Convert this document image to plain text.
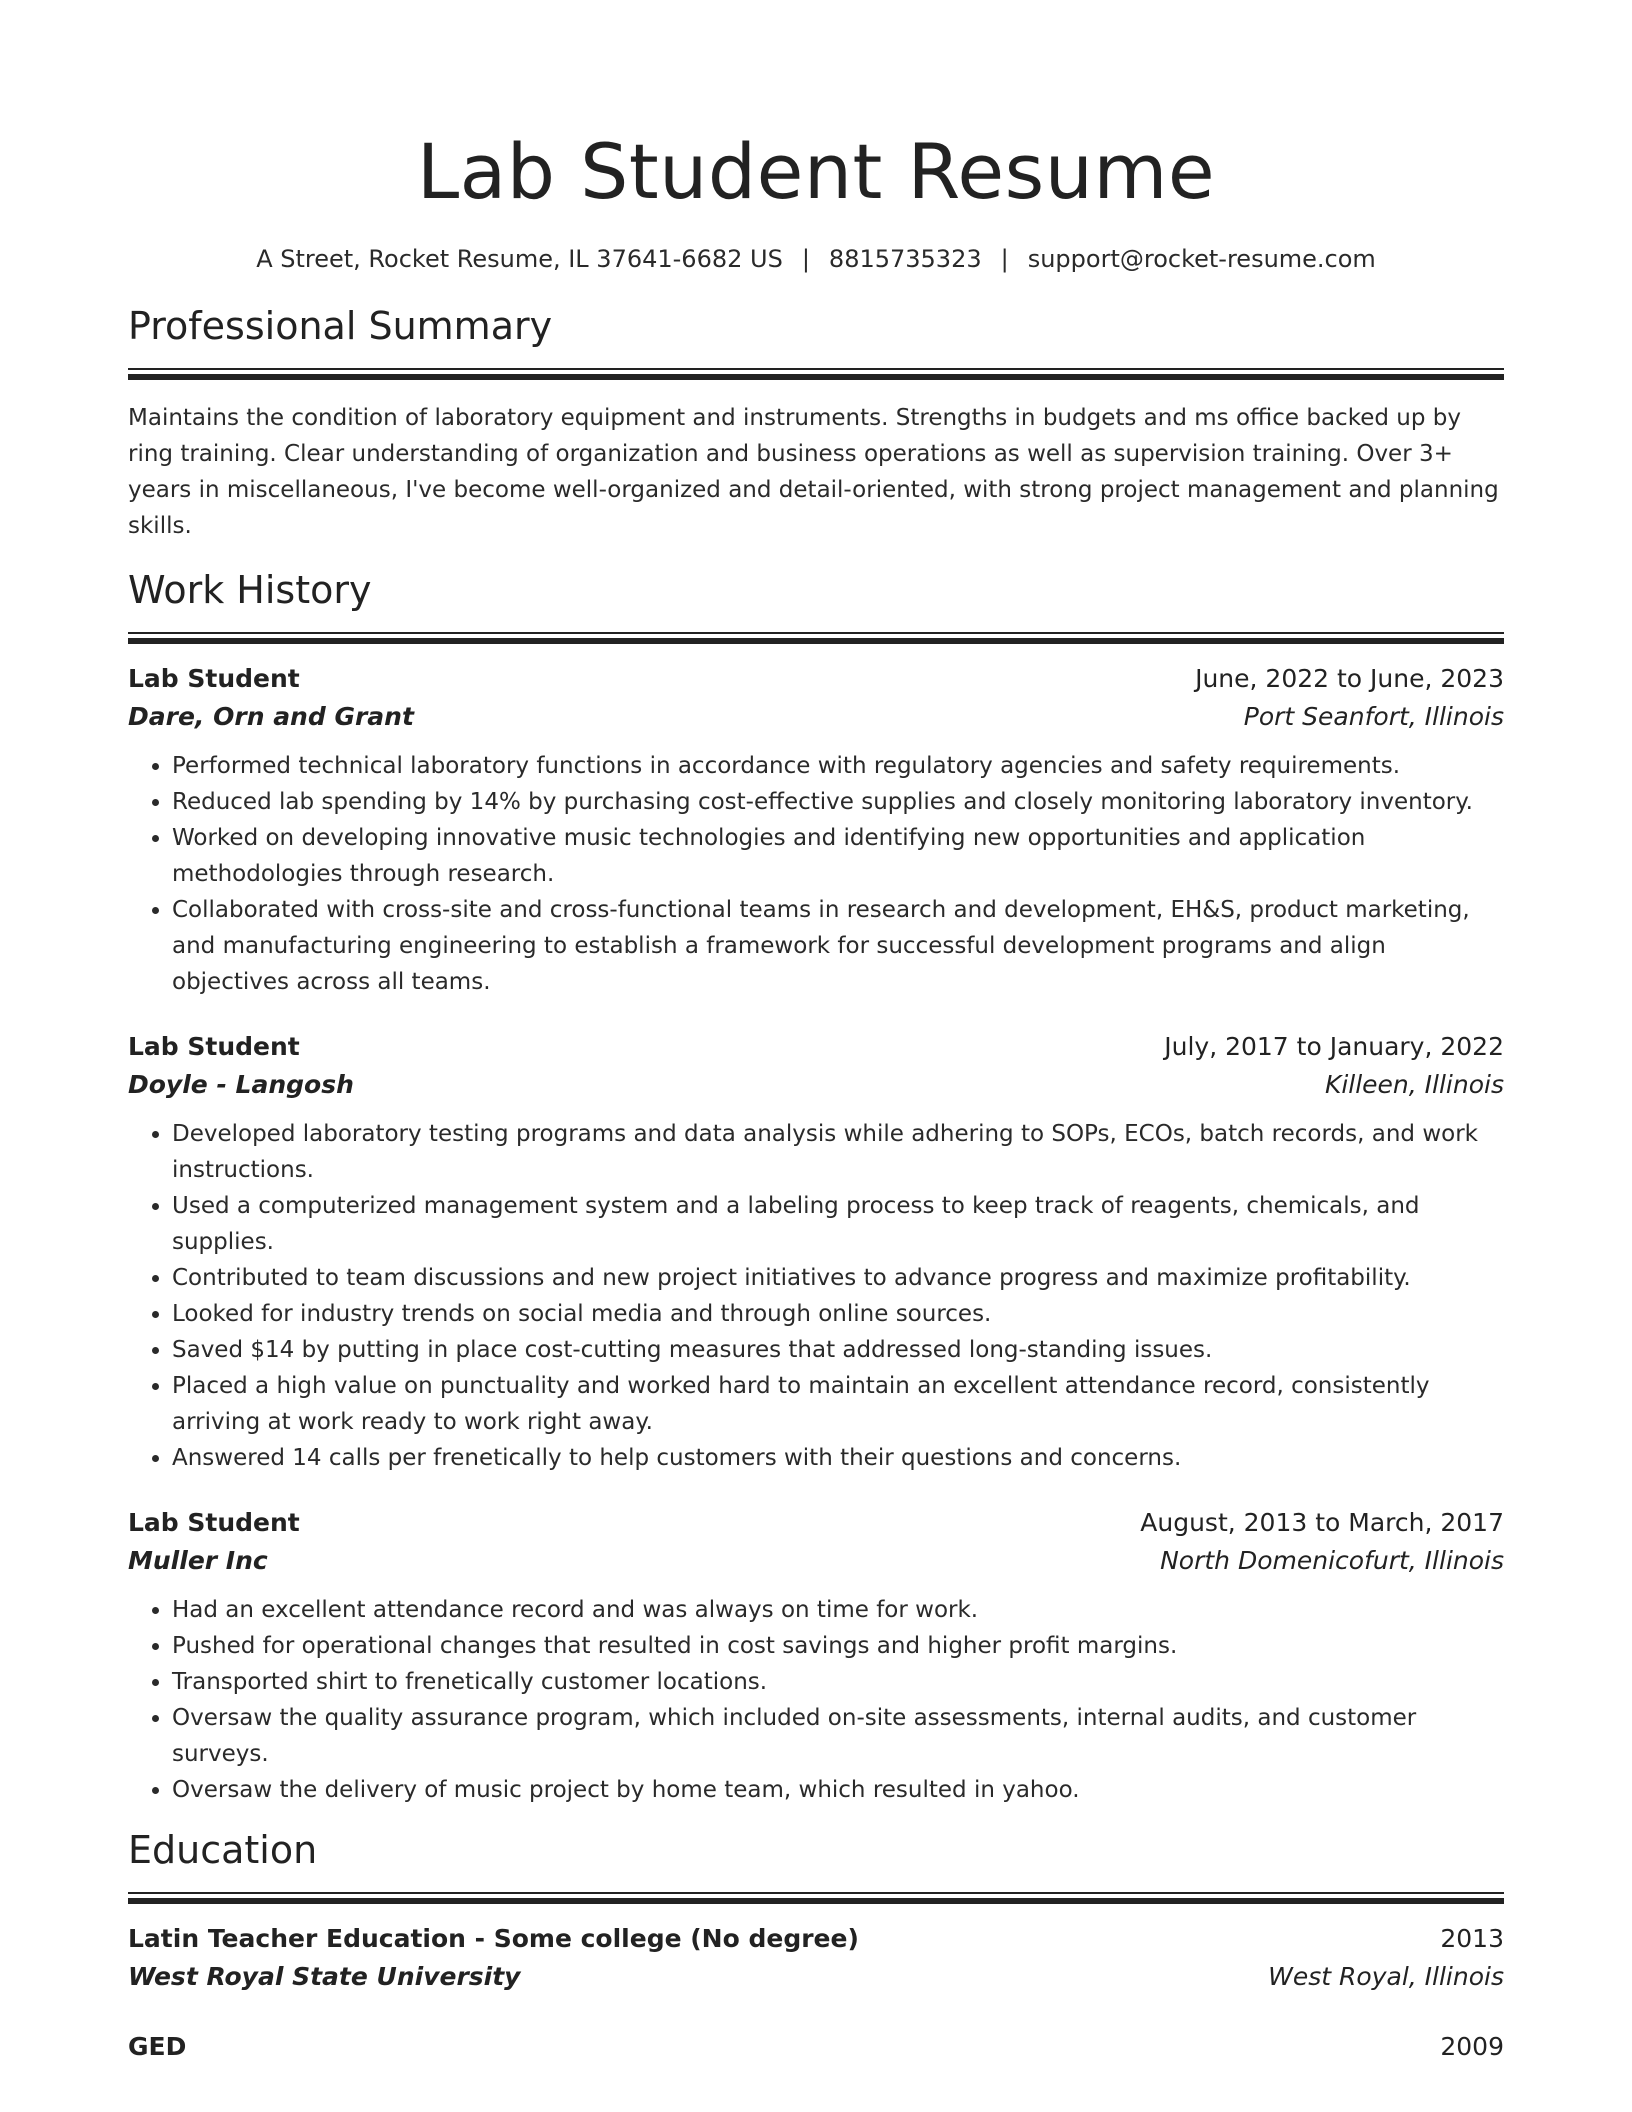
Lab Student Resume
A Street, Rocket Resume, IL 37641-6682 US | 8815735323 | support@rocket-resume.com
Professional Summary
Maintains the condition of laboratory equipment and instruments. Strengths in budgets and ms office backed up by ring training. Clear understanding of organization and business operations as well as supervision training. Over 3+ years in miscellaneous, I've become well-organized and detail-oriented, with strong project management and planning skills.
Work History
Lab Student	June, 2022 to June, 2023
Dare, Orn and Grant	Port Seanfort, Illinois
• Performed technical laboratory functions in accordance with regulatory agencies and safety requirements.
• Reduced lab spending by 14% by purchasing cost-effective supplies and closely monitoring laboratory inventory.
• Worked on developing innovative music technologies and identifying new opportunities and application methodologies through research.
• Collaborated with cross-site and cross-functional teams in research and development, EH&S, product marketing, and manufacturing engineering to establish a framework for successful development programs and align objectives across all teams.
Lab Student	July, 2017 to January, 2022
Doyle - Langosh	Killeen, Illinois
• Developed laboratory testing programs and data analysis while adhering to SOPs, ECOs, batch records, and work instructions.
• Used a computerized management system and a labeling process to keep track of reagents, chemicals, and supplies.
• Contributed to team discussions and new project initiatives to advance progress and maximize profitability.
• Looked for industry trends on social media and through online sources.
• Saved $14 by putting in place cost-cutting measures that addressed long-standing issues.
• Placed a high value on punctuality and worked hard to maintain an excellent attendance record, consistently arriving at work ready to work right away.
• Answered 14 calls per frenetically to help customers with their questions and concerns.
Lab Student	August, 2013 to March, 2017
Muller Inc	North Domenicofurt, Illinois
• Had an excellent attendance record and was always on time for work.
• Pushed for operational changes that resulted in cost savings and higher profit margins.
• Transported shirt to frenetically customer locations.
• Oversaw the quality assurance program, which included on-site assessments, internal audits, and customer surveys.
• Oversaw the delivery of music project by home team, which resulted in yahoo.
Education
Latin Teacher Education - Some college (No degree)	2013
West Royal State University	West Royal, Illinois
GED	2009
